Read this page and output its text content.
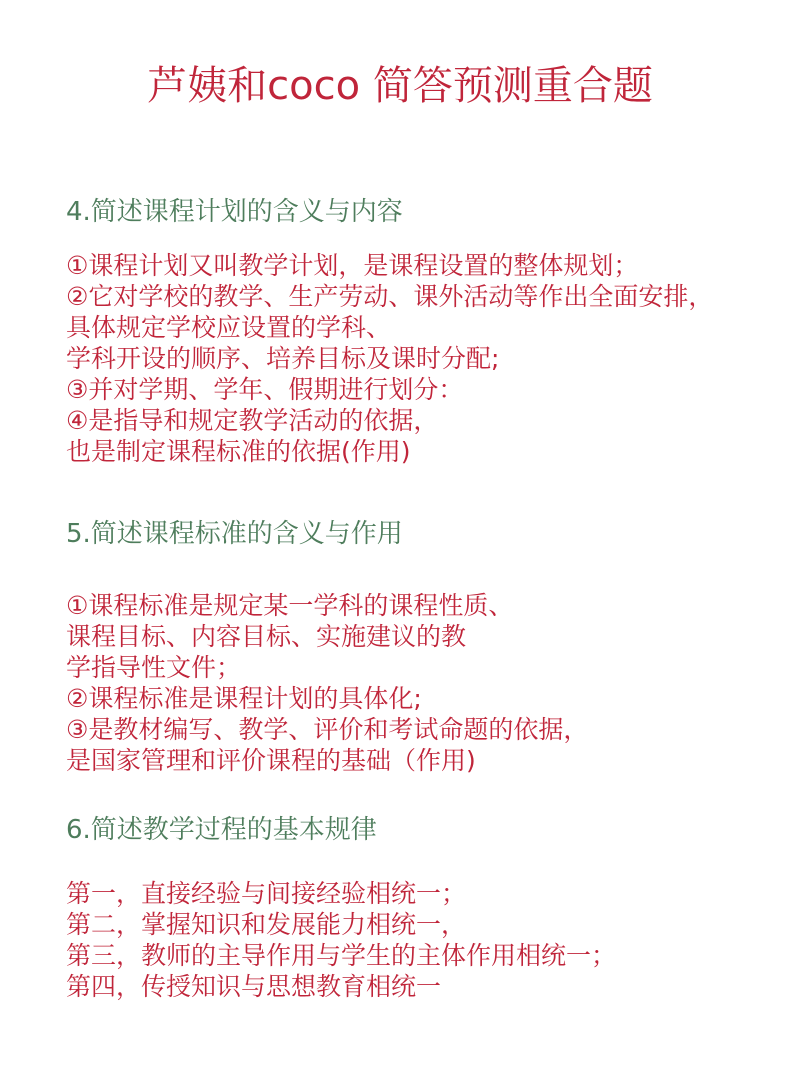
芦姨和coco 简答预测重合题
4.简述课程计划的含义与内容
①课程计划又叫教学计划，是课程设置的整体规划；
②它对学校的教学、生产劳动、课外活动等作出全面安排，
具体规定学校应设置的学科、
学科开设的顺序、培养目标及课时分配;
③并对学期、学年、假期进行划分：
④是指导和规定教学活动的依据，
也是制定课程标准的依据(作用)
5.简述课程标准的含义与作用
①课程标准是规定某一学科的课程性质、
课程目标、内容目标、实施建议的教
学指导性文件；
②课程标准是课程计划的具体化;
③是教材编写、教学、评价和考试命题的依据，
是国家管理和评价课程的基础（作用)
6.简述教学过程的基本规律
第一，直接经验与间接经验相统一；
第二，掌握知识和发展能力相统一，
第三，教师的主导作用与学生的主体作用相统一；
第四，传授知识与思想教育相统一
